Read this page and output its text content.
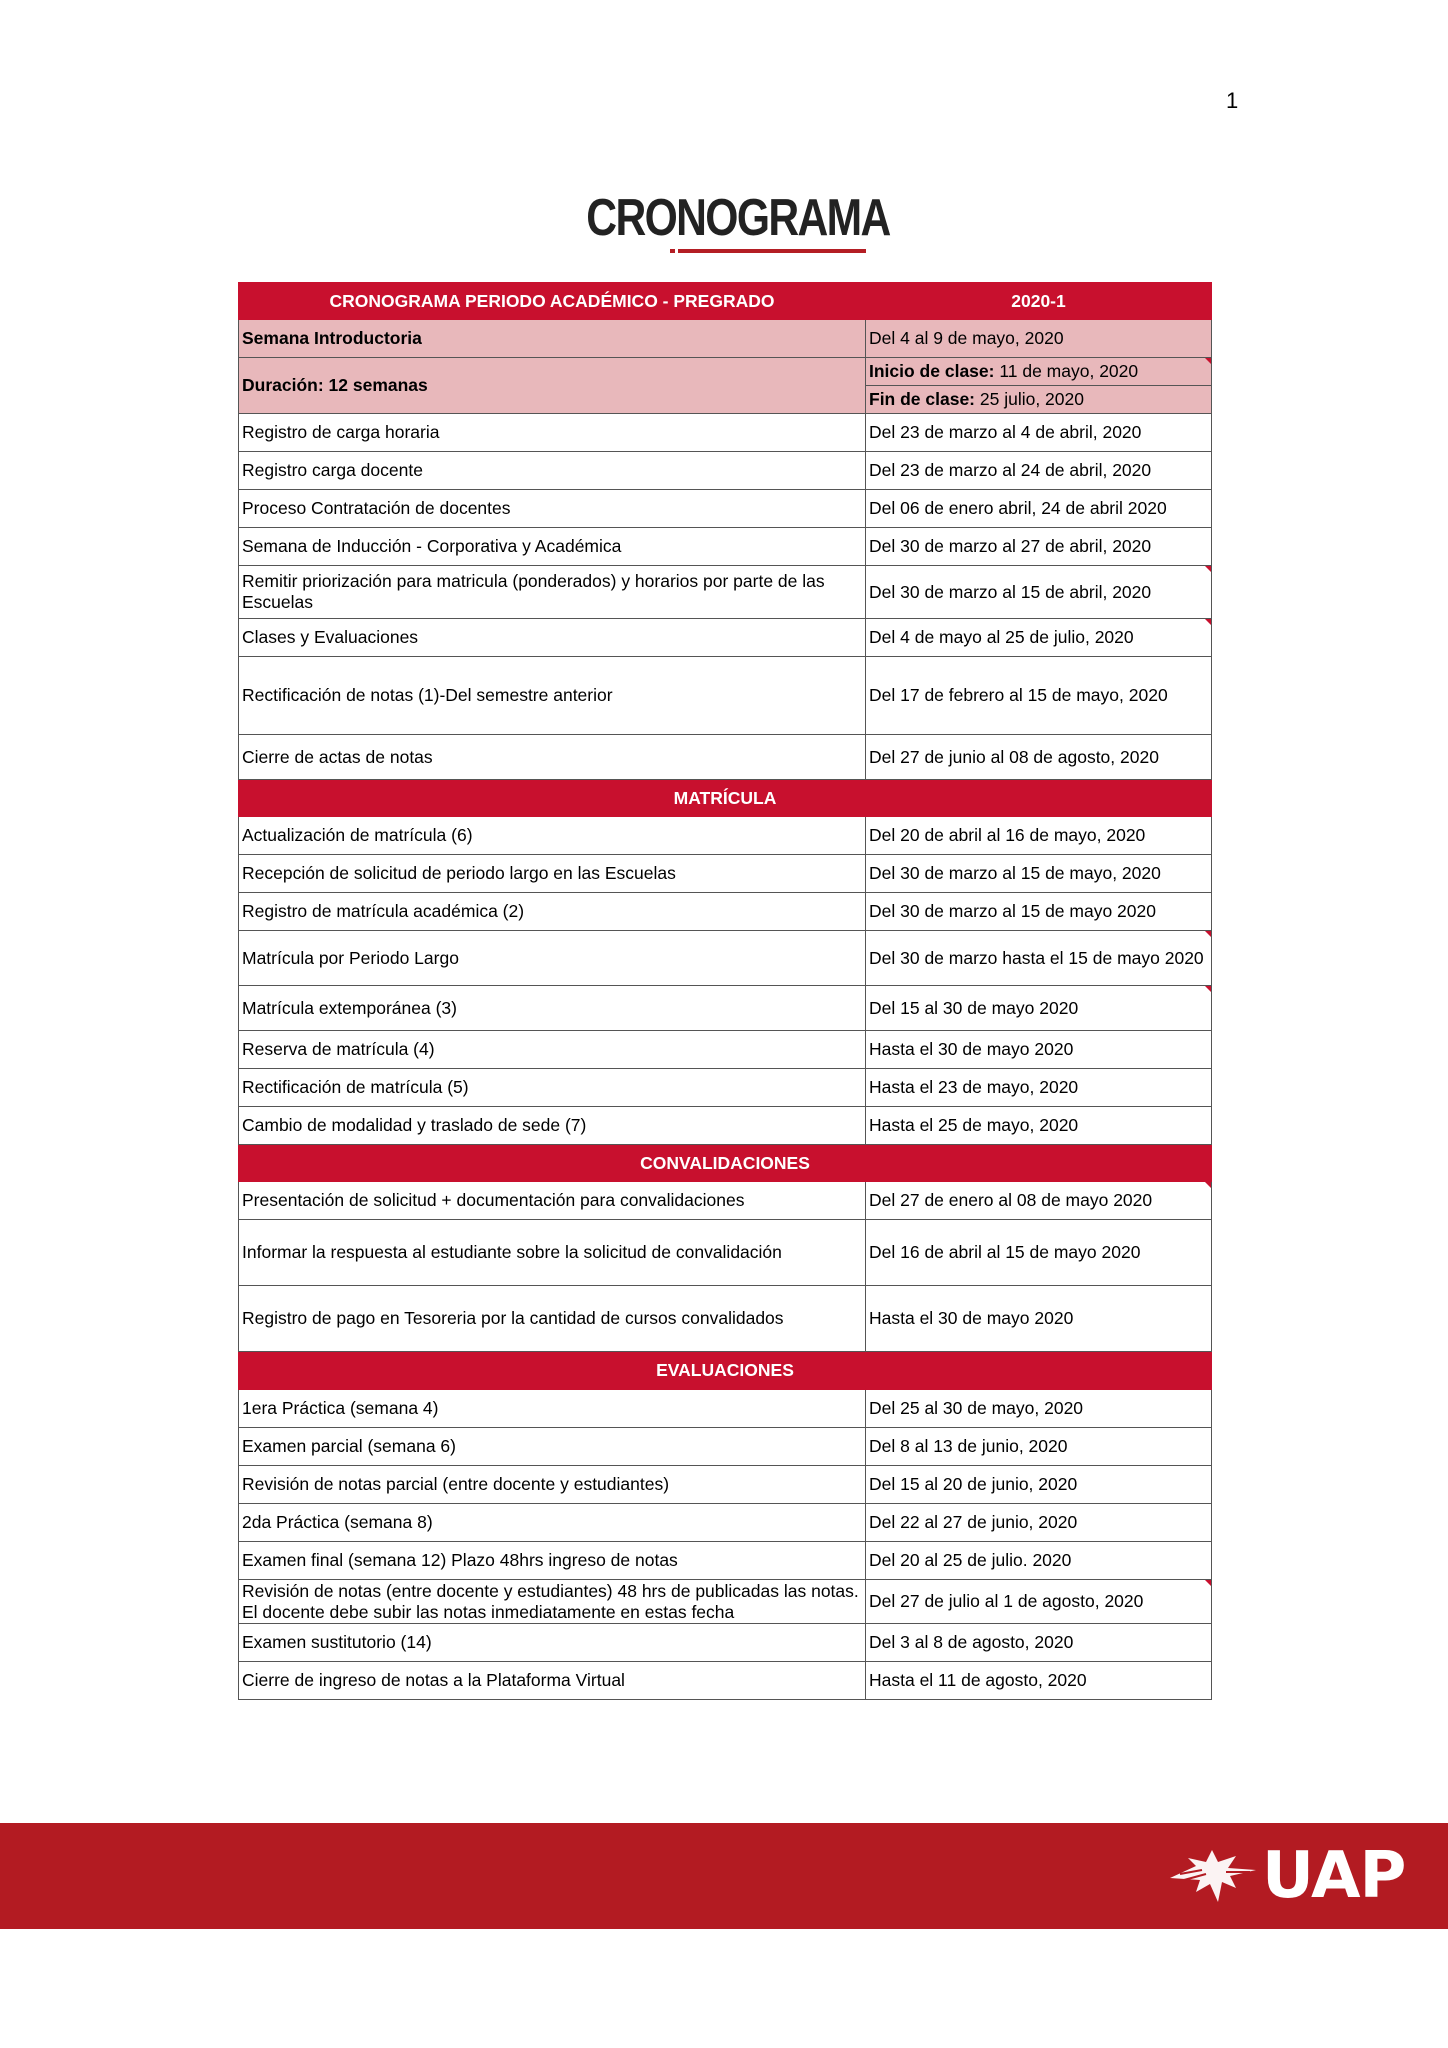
1
CRONOGRAMA
CRONOGRAMA PERIODO ACADÉMICO - PREGRADO	2020-1
Semana Introductoria	Del 4 al 9 de mayo, 2020
Duración: 12 semanas	Inicio de clase: 11 de mayo, 2020
	Fin de clase: 25 julio, 2020
Registro de carga horaria	Del 23 de marzo al 4 de abril, 2020
Registro carga docente	Del 23 de marzo al 24 de abril, 2020
Proceso Contratación de docentes	Del 06 de enero abril, 24 de abril 2020
Semana de Inducción - Corporativa y Académica	Del 30 de marzo al 27 de abril, 2020
Remitir priorización para matricula (ponderados) y horarios por parte de las Escuelas	Del 30 de marzo al 15 de abril, 2020
Clases y Evaluaciones	Del 4 de mayo al 25 de julio, 2020
Rectificación de notas (1)-Del semestre anterior	Del 17 de febrero al 15 de mayo, 2020
Cierre de actas de notas	Del 27 de junio al 08 de agosto, 2020
MATRÍCULA	
Actualización de matrícula (6)	Del 20 de abril al 16 de mayo, 2020
Recepción de solicitud de periodo largo en las Escuelas	Del 30 de marzo al 15 de mayo, 2020
Registro de matrícula académica (2)	Del 30 de marzo al 15 de mayo 2020
Matrícula por Periodo Largo	Del 30 de marzo hasta el 15 de mayo 2020
Matrícula extemporánea (3)	Del 15 al 30 de mayo 2020
Reserva de matrícula (4)	Hasta el 30 de mayo 2020
Rectificación de matrícula (5)	Hasta el 23 de mayo, 2020
Cambio de modalidad y traslado de sede (7)	Hasta el 25 de mayo, 2020
CONVALIDACIONES	
Presentación de solicitud + documentación para convalidaciones	Del 27 de enero al 08 de mayo 2020
Informar la respuesta al estudiante sobre la solicitud de convalidación	Del 16 de abril al 15 de mayo 2020
Registro de pago en Tesoreria por la cantidad de cursos convalidados	Hasta el 30 de mayo 2020
EVALUACIONES	
1era Práctica (semana 4)	Del 25 al 30 de mayo, 2020
Examen parcial (semana 6)	Del 8 al 13 de junio, 2020
Revisión de notas parcial (entre docente y estudiantes)	Del 15 al 20 de junio, 2020
2da Práctica (semana 8)	Del 22 al 27 de junio, 2020
Examen final (semana 12) Plazo 48hrs ingreso de notas	Del 20 al 25 de julio. 2020
Revisión de notas (entre docente y estudiantes) 48 hrs de publicadas las notas. El docente debe subir las notas inmediatamente en estas fecha	Del 27 de julio al 1 de agosto, 2020
Examen sustitutorio (14)	Del 3 al 8 de agosto, 2020
Cierre de ingreso de notas a la Plataforma Virtual	Hasta el 11 de agosto, 2020
UAP
